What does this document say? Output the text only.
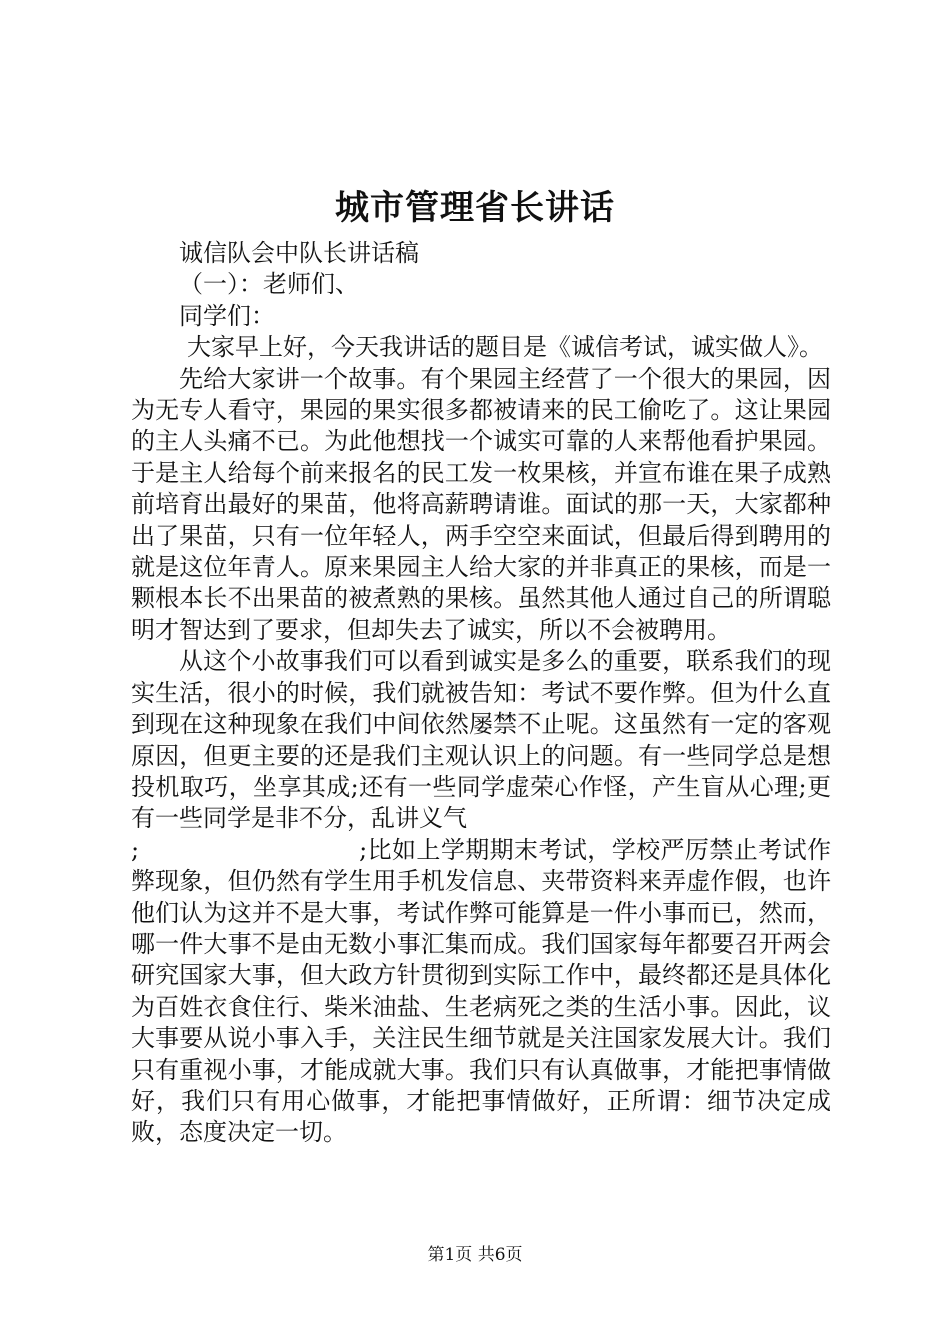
城市管理省长讲话

诚信队会中队长讲话稿

（一）：老师们、

同学们：

大家早上好，今天我讲话的题目是《诚信考试，诚实做人》。

先给大家讲一个故事。有个果园主经营了一个很大的果园，因为无专人看守，果园的果实很多都被请来的民工偷吃了。这让果园的主人头痛不已。为此他想找一个诚实可靠的人来帮他看护果园。于是主人给每个前来报名的民工发一枚果核，并宣布谁在果子成熟前培育出最好的果苗，他将高薪聘请谁。面试的那一天，大家都种出了果苗，只有一位年轻人，两手空空来面试，但最后得到聘用的就是这位年青人。原来果园主人给大家的并非真正的果核，而是一颗根本长不出果苗的被煮熟的果核。虽然其他人通过自己的所谓聪明才智达到了要求，但却失去了诚实，所以不会被聘用。

从这个小故事我们可以看到诚实是多么的重要，联系我们的现实生活，很小的时候，我们就被告知：考试不要作弊。但为什么直到现在这种现象在我们中间依然屡禁不止呢。这虽然有一定的客观原因，但更主要的还是我们主观认识上的问题。有一些同学总是想投机取巧，坐享其成;还有一些同学虚荣心作怪，产生盲从心理;更有一些同学是非不分，乱讲义气

;	;比如上学期期末考试，学校严厉禁止考试作弊现象，但仍然有学生用手机发信息、夹带资料来弄虚作假，也许他们认为这并不是大事，考试作弊可能算是一件小事而已，然而，哪一件大事不是由无数小事汇集而成。我们国家每年都要召开两会研究国家大事，但大政方针贯彻到实际工作中，最终都还是具体化为百姓衣食住行、柴米油盐、生老病死之类的生活小事。因此，议大事要从说小事入手，关注民生细节就是关注国家发展大计。我们只有重视小事，才能成就大事。我们只有认真做事，才能把事情做好，我们只有用心做事，才能把事情做好，正所谓：细节决定成败，态度决定一切。

第1页 共6页
